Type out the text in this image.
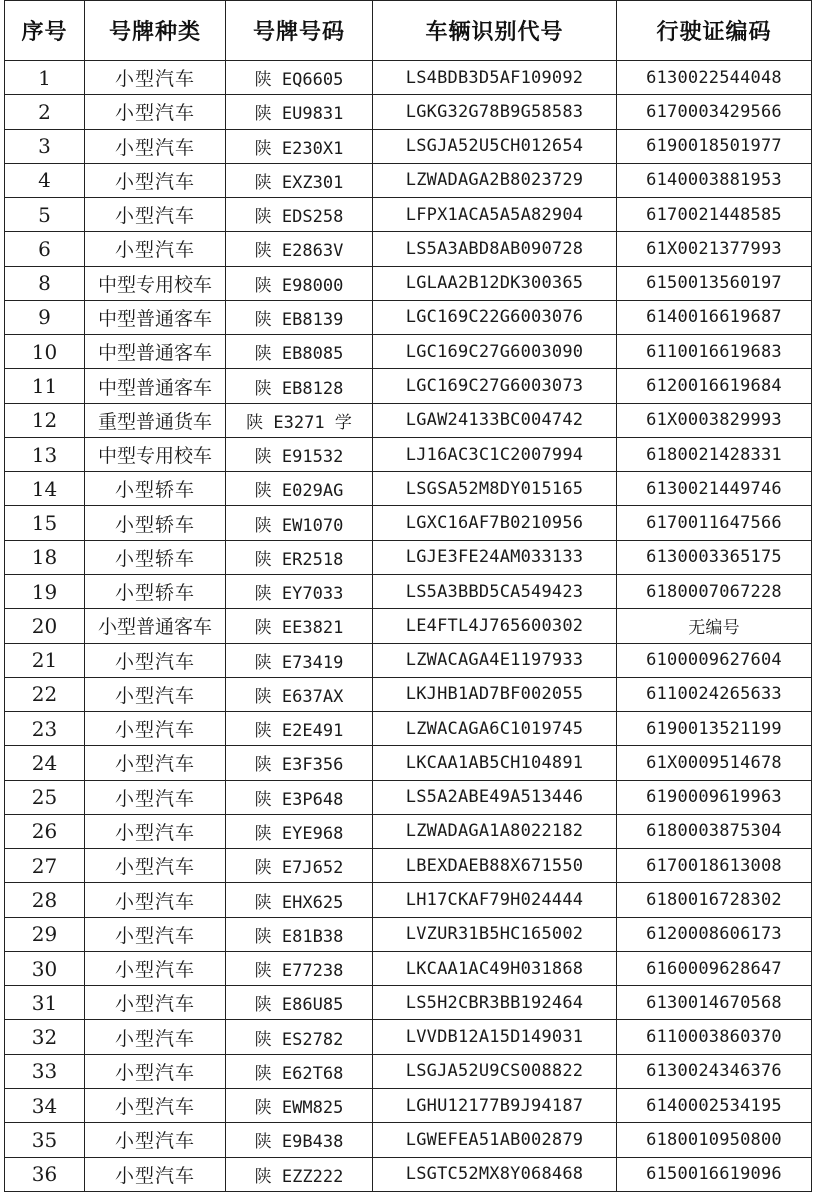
序号	号牌种类	号牌号码	车辆识别代号	行驶证编码
1	小型汽车	陕 EQ6605	LS4BDB3D5AF109092	6130022544048
2	小型汽车	陕 EU9831	LGKG32G78B9G58583	6170003429566
3	小型汽车	陕 E230X1	LSGJA52U5CH012654	6190018501977
4	小型汽车	陕 EXZ301	LZWADAGA2B8023729	6140003881953
5	小型汽车	陕 EDS258	LFPX1ACA5A5A82904	6170021448585
6	小型汽车	陕 E2863V	LS5A3ABD8AB090728	61X0021377993
8	中型专用校车	陕 E98000	LGLAA2B12DK300365	6150013560197
9	中型普通客车	陕 EB8139	LGC169C22G6003076	6140016619687
10	中型普通客车	陕 EB8085	LGC169C27G6003090	6110016619683
11	中型普通客车	陕 EB8128	LGC169C27G6003073	6120016619684
12	重型普通货车	陕 E3271 学	LGAW24133BC004742	61X0003829993
13	中型专用校车	陕 E91532	LJ16AC3C1C2007994	6180021428331
14	小型轿车	陕 E029AG	LSGSA52M8DY015165	6130021449746
15	小型轿车	陕 EW1070	LGXC16AF7B0210956	6170011647566
18	小型轿车	陕 ER2518	LGJE3FE24AM033133	6130003365175
19	小型轿车	陕 EY7033	LS5A3BBD5CA549423	6180007067228
20	小型普通客车	陕 EE3821	LE4FTL4J765600302	无编号
21	小型汽车	陕 E73419	LZWACAGA4E1197933	6100009627604
22	小型汽车	陕 E637AX	LKJHB1AD7BF002055	6110024265633
23	小型汽车	陕 E2E491	LZWACAGA6C1019745	6190013521199
24	小型汽车	陕 E3F356	LKCAA1AB5CH104891	61X0009514678
25	小型汽车	陕 E3P648	LS5A2ABE49A513446	6190009619963
26	小型汽车	陕 EYE968	LZWADAGA1A8022182	6180003875304
27	小型汽车	陕 E7J652	LBEXDAEB88X671550	6170018613008
28	小型汽车	陕 EHX625	LH17CKAF79H024444	6180016728302
29	小型汽车	陕 E81B38	LVZUR31B5HC165002	6120008606173
30	小型汽车	陕 E77238	LKCAA1AC49H031868	6160009628647
31	小型汽车	陕 E86U85	LS5H2CBR3BB192464	6130014670568
32	小型汽车	陕 ES2782	LVVDB12A15D149031	6110003860370
33	小型汽车	陕 E62T68	LSGJA52U9CS008822	6130024346376
34	小型汽车	陕 EWM825	LGHU12177B9J94187	6140002534195
35	小型汽车	陕 E9B438	LGWEFEA51AB002879	6180010950800
36	小型汽车	陕 EZZ222	LSGTC52MX8Y068468	6150016619096
